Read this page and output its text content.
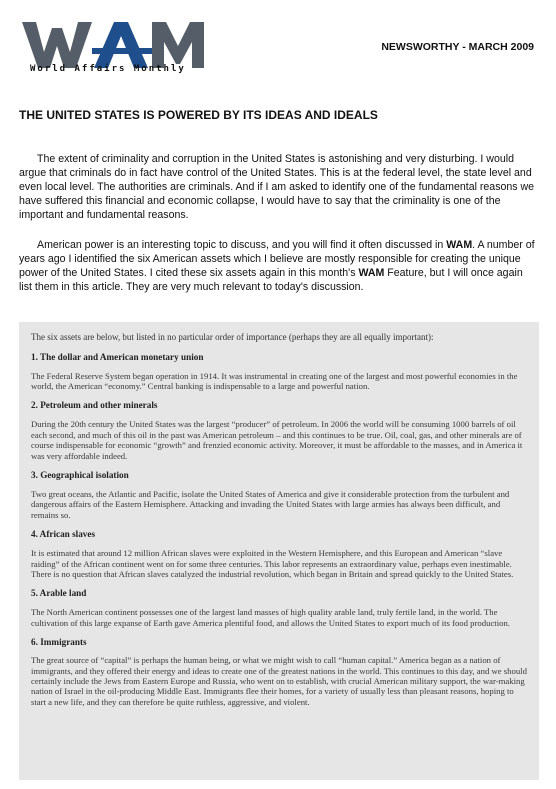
World Affairs Monthly
NEWSWORTHY - MARCH 2009
THE UNITED STATES IS POWERED BY ITS IDEAS AND IDEALS
The extent of criminality and corruption in the United States is astonishing and very disturbing. I would argue that criminals do in fact have control of the United States. This is at the federal level, the state level and even local level. The authorities are criminals. And if I am asked to identify one of the fundamental reasons we have suffered this financial and economic collapse, I would have to say that the criminality is one of the important and fundamental reasons.
American power is an interesting topic to discuss, and you will find it often discussed in WAM. A number of years ago I identified the six American assets which I believe are mostly responsible for creating the unique power of the United States. I cited these six assets again in this month's WAM Feature, but I will once again list them in this article. They are very much relevant to today's discussion.
The six assets are below, but listed in no particular order of importance (perhaps they are all equally important):
1. The dollar and American monetary union
The Federal Reserve System began operation in 1914. It was instrumental in creating one of the largest and most powerful economies in the world, the American “economy.” Central banking is indispensable to a large and powerful nation.
2. Petroleum and other minerals
During the 20th century the United States was the largest “producer” of petroleum. In 2006 the world will be consuming 1000 barrels of oil each second, and much of this oil in the past was American petroleum – and this continues to be true. Oil, coal, gas, and other minerals are of course indispensable for economic “growth” and frenzied economic activity. Moreover, it must be affordable to the masses, and in America it was very affordable indeed.
3. Geographical isolation
Two great oceans, the Atlantic and Pacific, isolate the United States of America and give it considerable protection from the turbulent and dangerous affairs of the Eastern Hemisphere. Attacking and invading the United States with large armies has always been difficult, and remains so.
4. African slaves
It is estimated that around 12 million African slaves were exploited in the Western Hemisphere, and this European and American “slave raiding” of the African continent went on for some three centuries. This labor represents an extraordinary value, perhaps even inestimable. There is no question that African slaves catalyzed the industrial revolution, which began in Britain and spread quickly to the United States.
5. Arable land
The North American continent possesses one of the largest land masses of high quality arable land, truly fertile land, in the world. The cultivation of this large expanse of Earth gave America plentiful food, and allows the United States to export much of its food production.
6. Immigrants
The great source of “capital” is perhaps the human being, or what we might wish to call “human capital.” America began as a nation of immigrants, and they offered their energy and ideas to create one of the greatest nations in the world. This continues to this day, and we should certainly include the Jews from Eastern Europe and Russia, who went on to establish, with crucial American military support, the war-making nation of Israel in the oil-producing Middle East. Immigrants flee their homes, for a variety of usually less than pleasant reasons, hoping to start a new life, and they can therefore be quite ruthless, aggressive, and violent.
